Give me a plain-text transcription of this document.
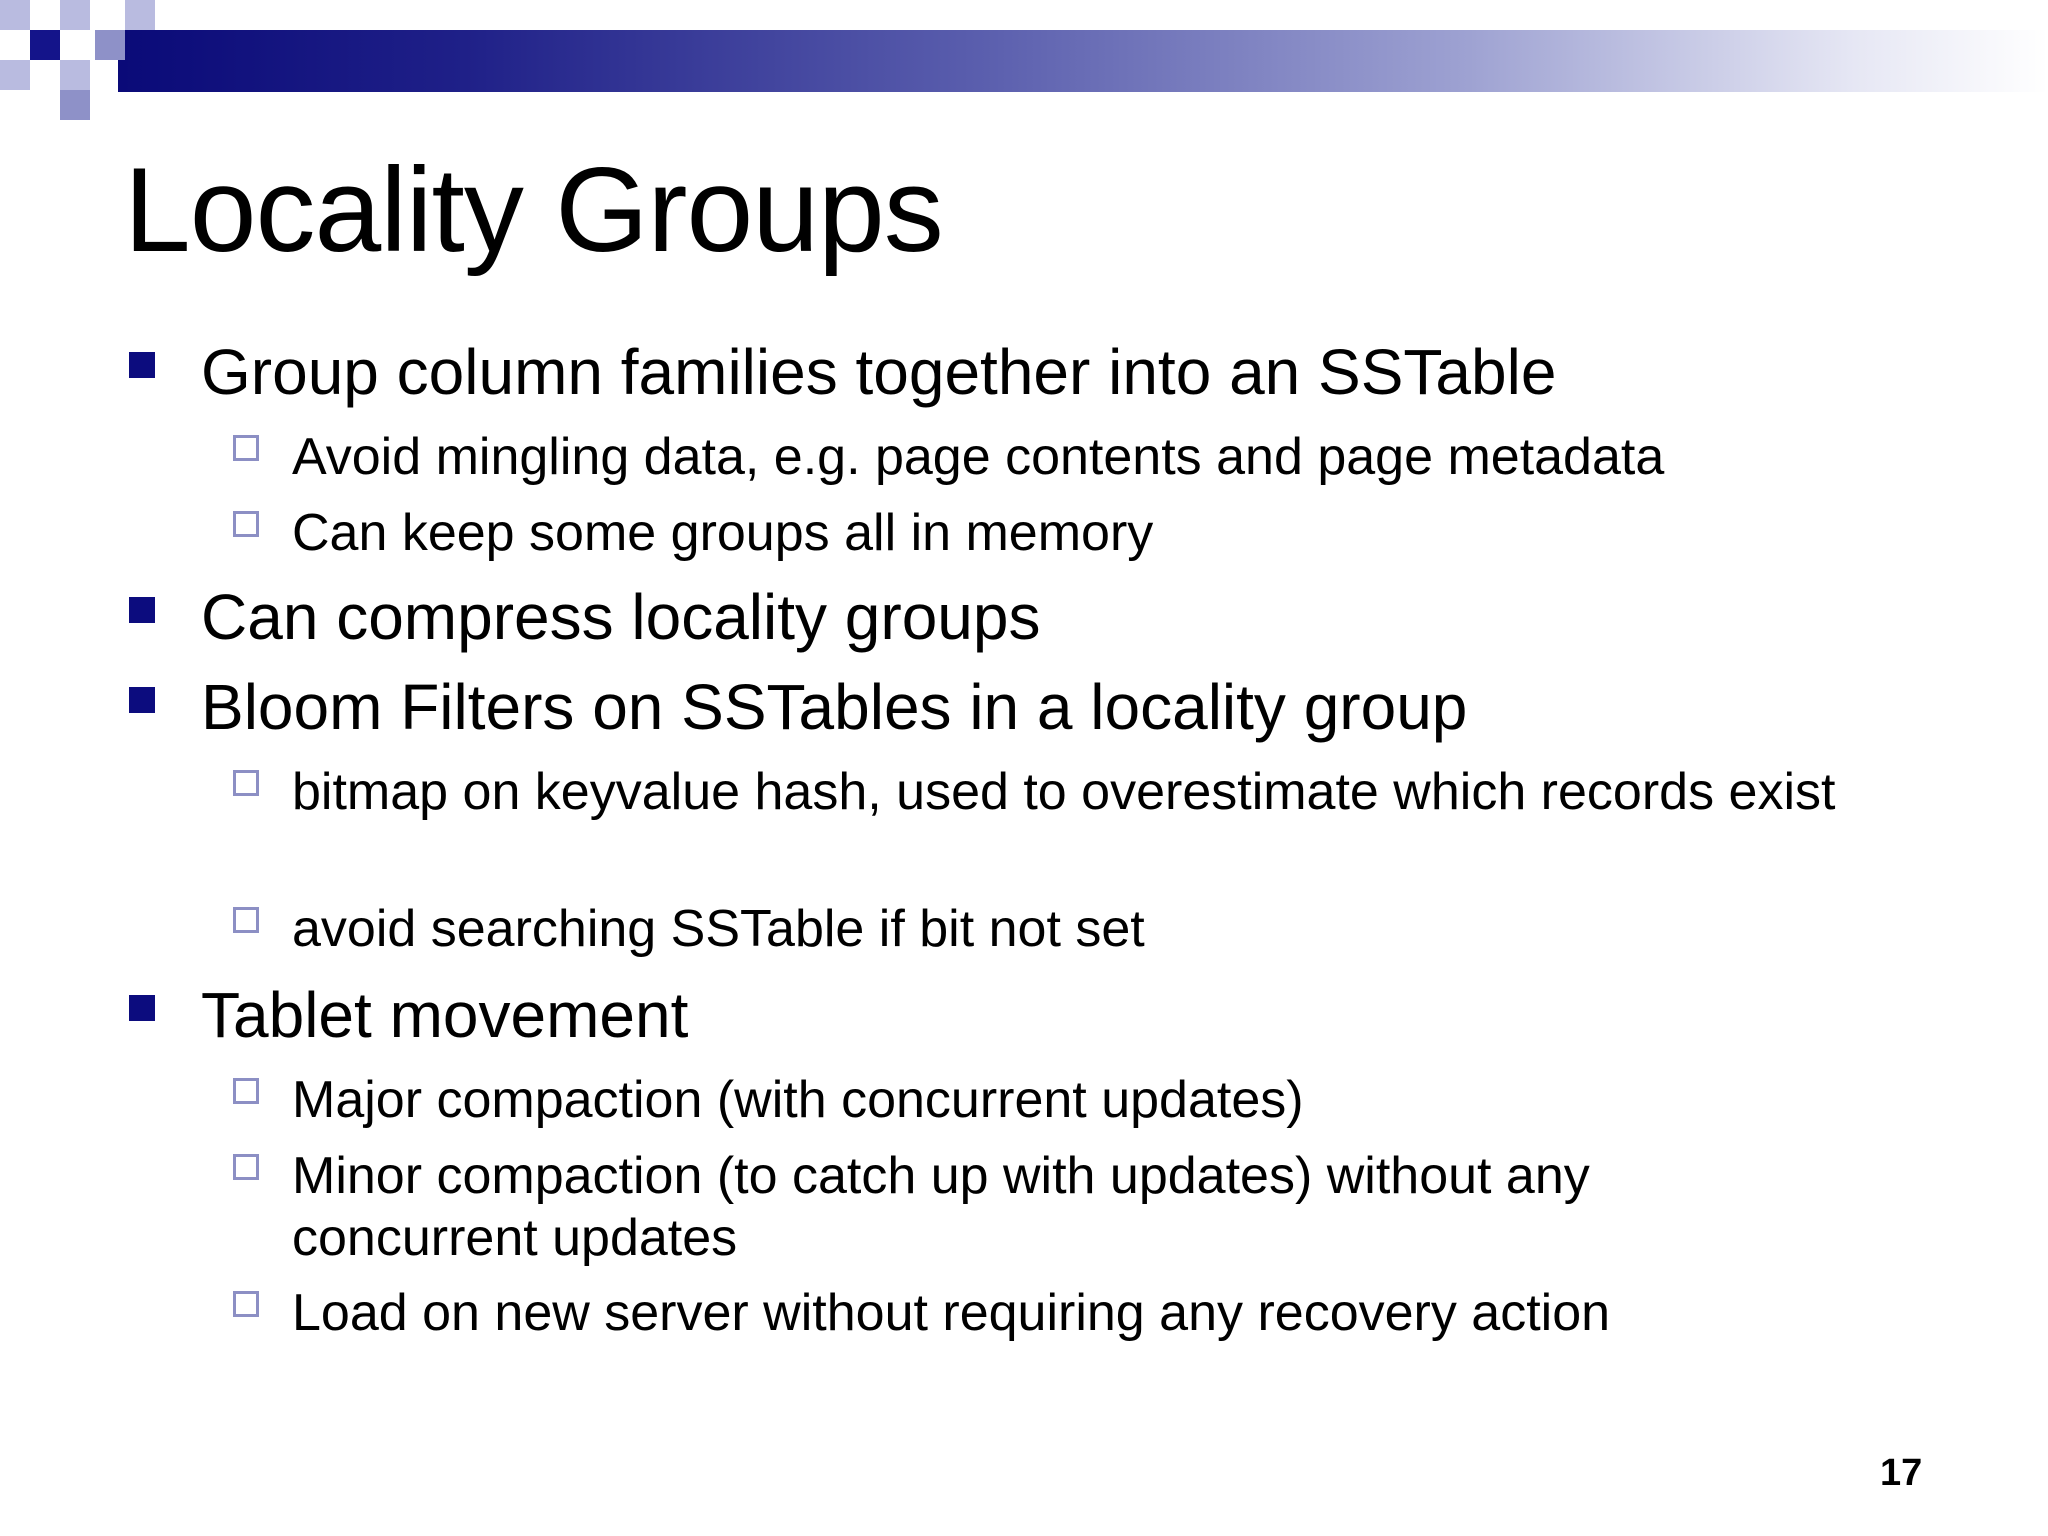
Locality Groups
Group column families together into an SSTable
Avoid mingling data, e.g. page contents and page metadata
Can keep some groups all in memory
Can compress locality groups
Bloom Filters on SSTables in a locality group
bitmap on keyvalue hash, used to overestimate which records exist
avoid searching SSTable if bit not set
Tablet movement
Major compaction (with concurrent updates)
Minor compaction (to catch up with updates) without any concurrent updates
Load on new server without requiring any recovery action
17
